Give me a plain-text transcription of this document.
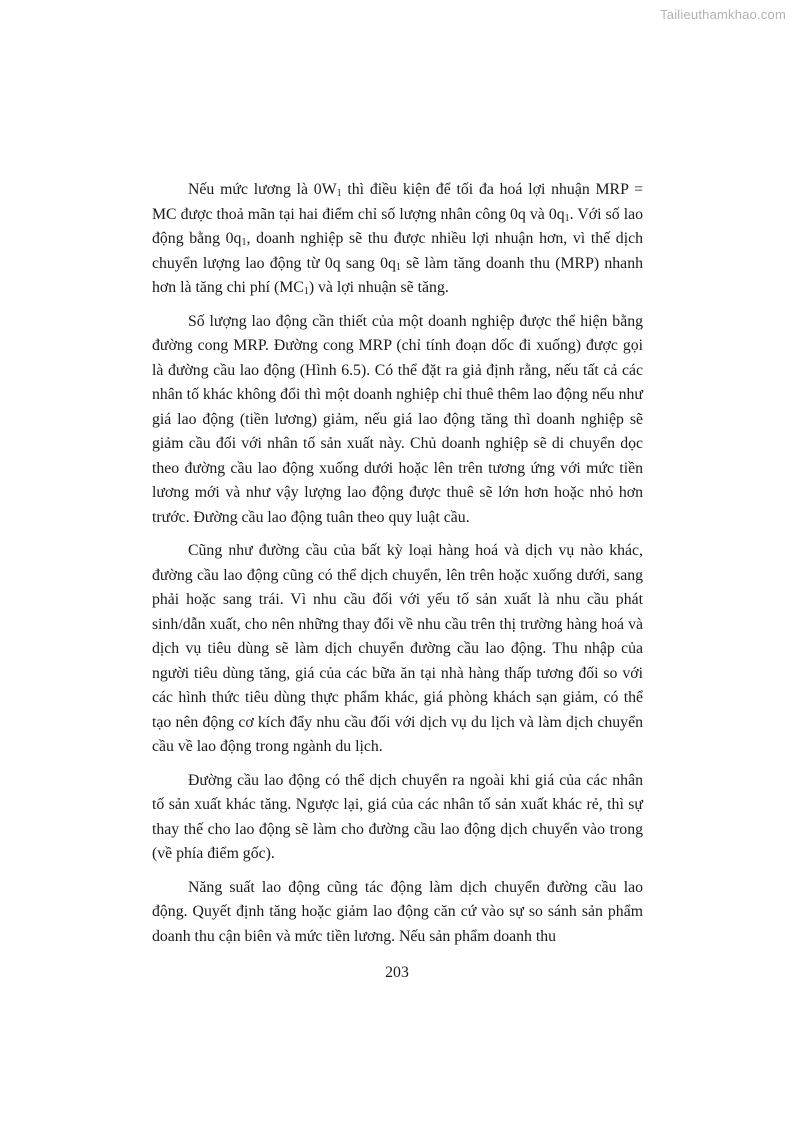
Tailieuthamkhao.com

Nếu mức lương là $0W_1$ thì điều kiện để tối đa hoá lợi nhuận MRP = MC được thoả mãn tại hai điểm chỉ số lượng nhân công 0q và $0q_1$. Với số lao động bằng $0q_1$, doanh nghiệp sẽ thu được nhiều lợi nhuận hơn, vì thế dịch chuyển lượng lao động từ 0q sang $0q_1$ sẽ làm tăng doanh thu (MRP) nhanh hơn là tăng chi phí $(MC_1)$ và lợi nhuận sẽ tăng.

Số lượng lao động cần thiết của một doanh nghiệp được thể hiện bằng đường cong MRP. Đường cong MRP (chỉ tính đoạn dốc đi xuống) được gọi là đường cầu lao động (Hình 6.5). Có thể đặt ra giả định rằng, nếu tất cả các nhân tố khác không đổi thì một doanh nghiệp chỉ thuê thêm lao động nếu như giá lao động (tiền lương) giảm, nếu giá lao động tăng thì doanh nghiệp sẽ giảm cầu đối với nhân tố sản xuất này. Chủ doanh nghiệp sẽ di chuyển dọc theo đường cầu lao động xuống dưới hoặc lên trên tương ứng với mức tiền lương mới và như vậy lượng lao động được thuê sẽ lớn hơn hoặc nhỏ hơn trước. Đường cầu lao động tuân theo quy luật cầu.

Cũng như đường cầu của bất kỳ loại hàng hoá và dịch vụ nào khác, đường cầu lao động cũng có thể dịch chuyển, lên trên hoặc xuống dưới, sang phải hoặc sang trái. Vì nhu cầu đối với yếu tố sản xuất là nhu cầu phát sinh/dẫn xuất, cho nên những thay đổi về nhu cầu trên thị trường hàng hoá và dịch vụ tiêu dùng sẽ làm dịch chuyển đường cầu lao động. Thu nhập của người tiêu dùng tăng, giá của các bữa ăn tại nhà hàng thấp tương đối so với các hình thức tiêu dùng thực phẩm khác, giá phòng khách sạn giảm, có thể tạo nên động cơ kích đẩy nhu cầu đối với dịch vụ du lịch và làm dịch chuyển cầu về lao động trong ngành du lịch.

Đường cầu lao động có thể dịch chuyển ra ngoài khi giá của các nhân tố sản xuất khác tăng. Ngược lại, giá của các nhân tố sản xuất khác rẻ, thì sự thay thế cho lao động sẽ làm cho đường cầu lao động dịch chuyển vào trong (về phía điểm gốc).

Năng suất lao động cũng tác động làm dịch chuyển đường cầu lao động. Quyết định tăng hoặc giảm lao động căn cứ vào sự so sánh sản phẩm doanh thu cận biên và mức tiền lương. Nếu sản phẩm doanh thu

203
